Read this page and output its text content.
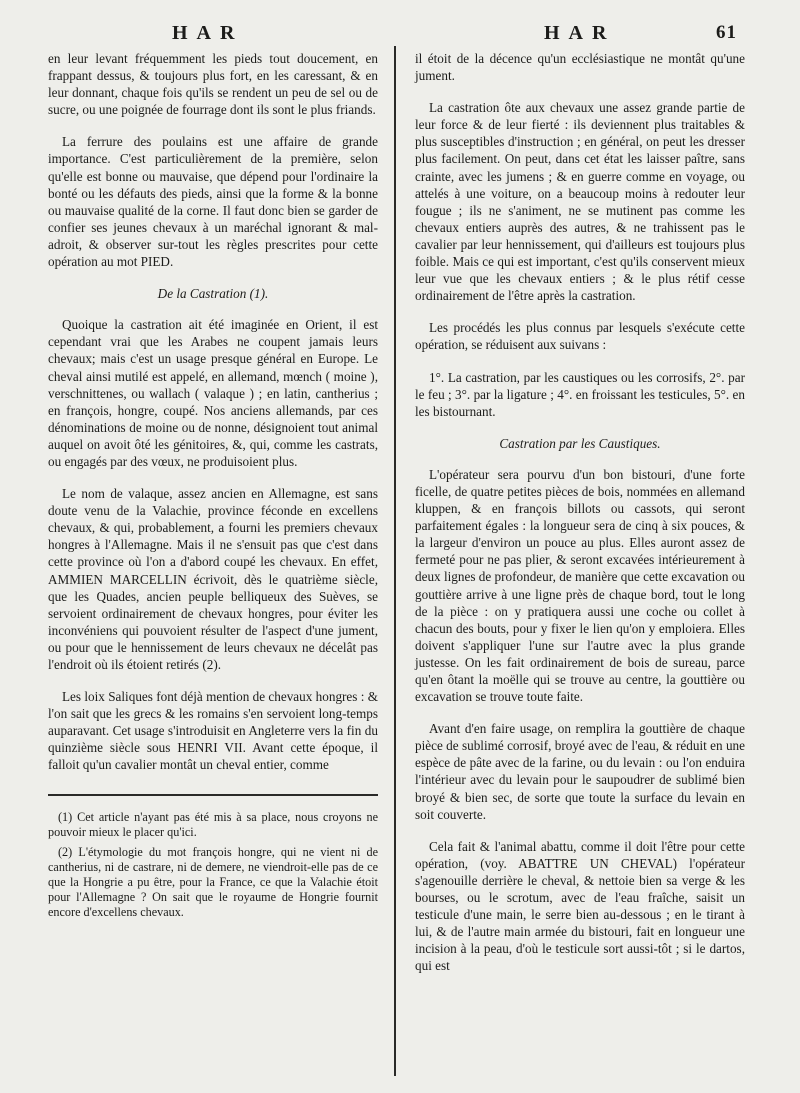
HAR	HAR	61

en leur levant fréquemment les pieds tout doucement, en frappant dessus, & toujours plus fort, en les caressant, & en leur donnant, chaque fois qu'ils se rendent un peu de sel ou de sucre, ou une poignée de fourrage dont ils sont le plus friands.

La ferrure des poulains est une affaire de grande importance. C'est particulièrement de la première, selon qu'elle est bonne ou mauvaise, que dépend pour l'ordinaire la bonté ou les défauts des pieds, ainsi que la forme & la bonne ou mauvaise qualité de la corne. Il faut donc bien se garder de confier ses jeunes chevaux à un maréchal ignorant & mal-adroit, & observer sur-tout les règles prescrites pour cette opération au mot PIED.

De la Castration (1).

Quoique la castration ait été imaginée en Orient, il est cependant vrai que les Arabes ne coupent jamais leurs chevaux; mais c'est un usage presque général en Europe. Le cheval ainsi mutilé est appelé, en allemand, mœnch ( moine ), verschnittenes, ou wallach ( valaque ) ; en latin, cantherius ; en françois, hongre, coupé. Nos anciens allemands, par ces dénominations de moine ou de nonne, désignoient tout animal auquel on avoit ôté les génitoires, &, qui, comme les castrats, ou engagés par des vœux, ne produisoient plus.

Le nom de valaque, assez ancien en Allemagne, est sans doute venu de la Valachie, province féconde en excellens chevaux, & qui, probablement, a fourni les premiers chevaux hongres à l'Allemagne. Mais il ne s'ensuit pas que c'est dans cette province où l'on a d'abord coupé les chevaux. En effet, AMMIEN MARCELLIN écrivoit, dès le quatrième siècle, que les Quades, ancien peuple belliqueux des Suèves, se servoient ordinairement de chevaux hongres, pour éviter les inconvéniens qui pouvoient résulter de l'aspect d'une jument, ou pour que le hennissement de leurs chevaux ne décelât pas l'endroit où ils étoient retirés (2).

Les loix Saliques font déjà mention de chevaux hongres : & l'on sait que les grecs & les romains s'en servoient long-temps auparavant. Cet usage s'introduisit en Angleterre vers la fin du quinzième siècle sous HENRI VII. Avant cette époque, il falloit qu'un cavalier montât un cheval entier, comme

(1) Cet article n'ayant pas été mis à sa place, nous croyons ne pouvoir mieux le placer qu'ici.

(2) L'étymologie du mot françois hongre, qui ne vient ni de cantherius, ni de castrare, ni de demere, ne viendroit-elle pas de ce que la Hongrie a pu être, pour la France, ce que la Valachie étoit pour l'Allemagne ? On sait que le royaume de Hongrie fournit encore d'excellens chevaux.

il étoit de la décence qu'un ecclésiastique ne montât qu'une jument.

La castration ôte aux chevaux une assez grande partie de leur force & de leur fierté : ils deviennent plus traitables & plus susceptibles d'instruction ; en général, on peut les dresser plus facilement. On peut, dans cet état les laisser paître, sans crainte, avec les jumens ; & en guerre comme en voyage, ou attelés à une voiture, on a beaucoup moins à redouter leur fougue ; ils ne s'animent, ne se mutinent pas comme les chevaux entiers auprès des autres, & ne trahissent pas le cavalier par leur hennissement, qui d'ailleurs est toujours plus foible. Mais ce qui est important, c'est qu'ils conservent mieux leur vue que les chevaux entiers ; & le plus rétif cesse ordinairement de l'être après la castration.

Les procédés les plus connus par lesquels s'exécute cette opération, se réduisent aux suivans :

1°. La castration, par les caustiques ou les corrosifs, 2°. par le feu ; 3°. par la ligature ; 4°. en froissant les testicules, 5°. en les bistournant.

Castration par les Caustiques.

L'opérateur sera pourvu d'un bon bistouri, d'une forte ficelle, de quatre petites pièces de bois, nommées en allemand kluppen, & en françois billots ou cassots, qui seront parfaitement égales : la longueur sera de cinq à six pouces, & la largeur d'environ un pouce au plus. Elles auront assez de fermeté pour ne pas plier, & seront excavées intérieurement à deux lignes de profondeur, de manière que cette excavation ou gouttière arrive à une ligne près de chaque bord, tout le long de la pièce : on y pratiquera aussi une coche ou collet à chacun des bouts, pour y fixer le lien qu'on y emploiera. Elles doivent s'appliquer l'une sur l'autre avec la plus grande justesse. On les fait ordinairement de bois de sureau, parce qu'en ôtant la moëlle qui se trouve au centre, la gouttière ou excavation se trouve toute faite.

Avant d'en faire usage, on remplira la gouttière de chaque pièce de sublimé corrosif, broyé avec de l'eau, & réduit en une espèce de pâte avec de la farine, ou du levain : ou l'on enduira l'intérieur avec du levain pour le saupoudrer de sublimé bien broyé & bien sec, de sorte que toute la surface du levain en soit couverte.

Cela fait & l'animal abattu, comme il doit l'être pour cette opération, (voy. ABATTRE UN CHEVAL) l'opérateur s'agenouille derrière le cheval, & nettoie bien sa verge & les bourses, ou le scrotum, avec de l'eau fraîche, saisit un testicule d'une main, le serre bien au-dessous ; en le tirant à lui, & de l'autre main armée du bistouri, fait en longueur une incision à la peau, d'où le testicule sort aussi-tôt ; si le dartos, qui est
